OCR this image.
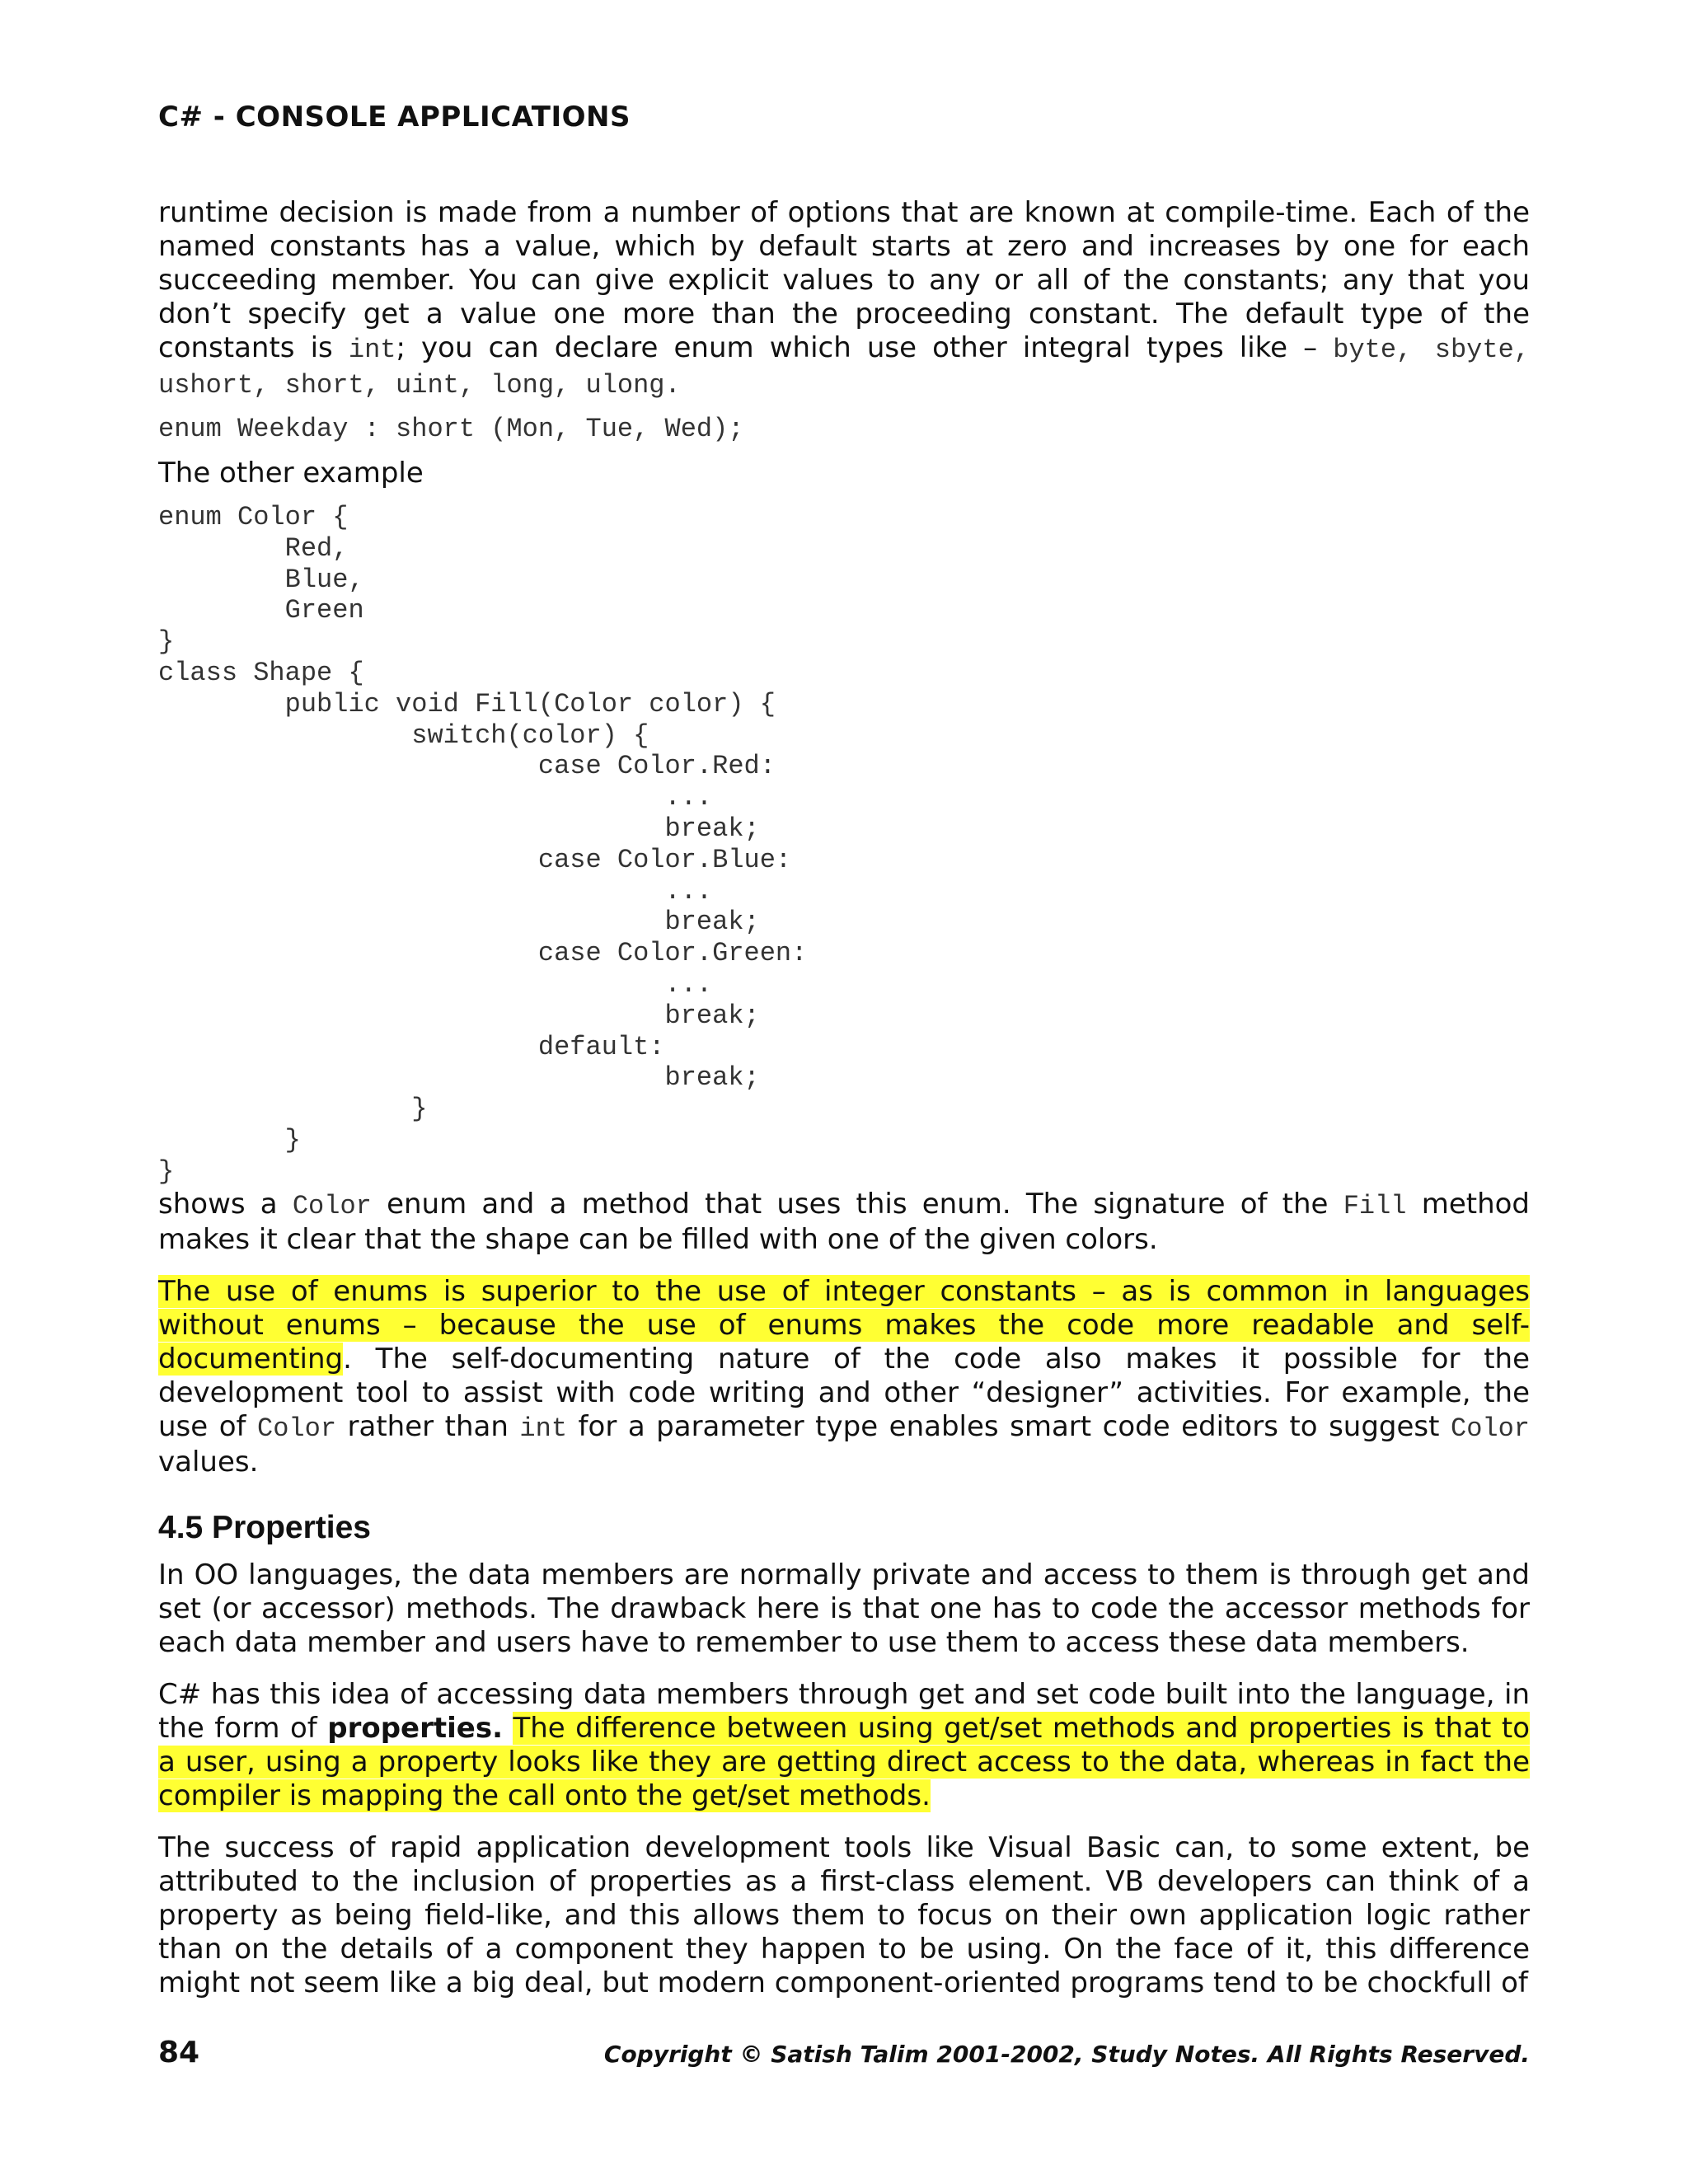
C# - CONSOLE APPLICATIONS

runtime decision is made from a number of options that are known at compile-time. Each of the named constants has a value, which by default starts at zero and increases by one for each succeeding member. You can give explicit values to any or all of the constants; any that you don’t specify get a value one more than the proceeding constant. The default type of the constants is int; you can declare enum which use other integral types like – byte, sbyte, ushort, short, uint, long, ulong.

enum Weekday : short (Mon, Tue, Wed);

The other example

enum Color {
Red,
Blue,
Green
}
class Shape {
public void Fill(Color color) {
switch(color) {
case Color.Red:
...
break;
case Color.Blue:
...
break;
case Color.Green:
...
break;
default:
break;
}
}
}

shows a Color enum and a method that uses this enum. The signature of the Fill method makes it clear that the shape can be filled with one of the given colors.

The use of enums is superior to the use of integer constants – as is common in languages without enums – because the use of enums makes the code more readable and self-documenting. The self-documenting nature of the code also makes it possible for the development tool to assist with code writing and other “designer” activities. For example, the use of Color rather than int for a parameter type enables smart code editors to suggest Color values.

4.5 Properties

In OO languages, the data members are normally private and access to them is through get and set (or accessor) methods. The drawback here is that one has to code the accessor methods for each data member and users have to remember to use them to access these data members.

C# has this idea of accessing data members through get and set code built into the language, in the form of properties. The difference between using get/set methods and properties is that to a user, using a property looks like they are getting direct access to the data, whereas in fact the compiler is mapping the call onto the get/set methods.

The success of rapid application development tools like Visual Basic can, to some extent, be attributed to the inclusion of properties as a first-class element. VB developers can think of a property as being field-like, and this allows them to focus on their own application logic rather than on the details of a component they happen to be using. On the face of it, this difference might not seem like a big deal, but modern component-oriented programs tend to be chockfull of

84	Copyright © Satish Talim 2001-2002, Study Notes. All Rights Reserved.
